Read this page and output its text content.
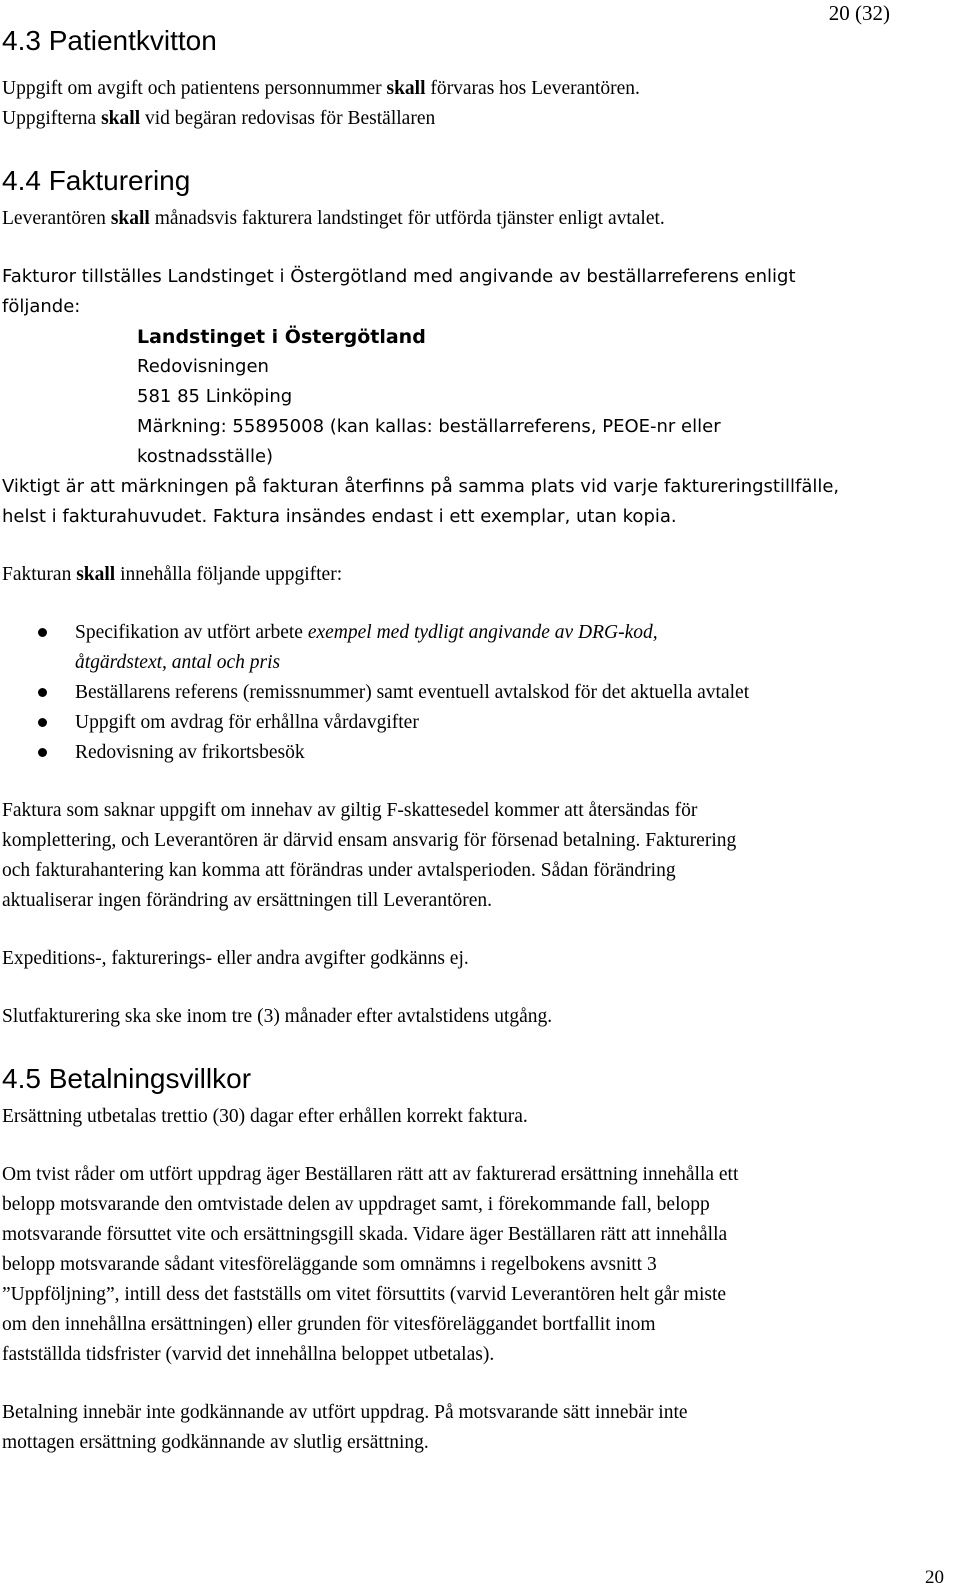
20 (32)
4.3 Patientkvitton

Uppgift om avgift och patientens personnummer skall förvaras hos Leverantören.

Uppgifterna skall vid begäran redovisas för Beställaren

4.4 Fakturering

Leverantören skall månadsvis fakturera landstinget för utförda tjänster enligt avtalet.

Fakturor tillställes Landstinget i Östergötland med angivande av beställarreferens enligt
följande:
Landstinget i Östergötland
Redovisningen
581 85 Linköping
Märkning: 55895008 (kan kallas: beställarreferens, PEOE-nr eller
kostnadsställe)
Viktigt är att märkningen på fakturan återfinns på samma plats vid varje faktureringstillfälle,
helst i fakturahuvudet. Faktura insändes endast i ett exemplar, utan kopia.

Fakturan skall innehålla följande uppgifter:

Specifikation av utfört arbete exempel med tydligt angivande av DRG-kod,
åtgärdstext, antal och pris
Beställarens referens (remissnummer) samt eventuell avtalskod för det aktuella avtalet
Uppgift om avdrag för erhållna vårdavgifter
Redovisning av frikortsbesök

Faktura som saknar uppgift om innehav av giltig F-skattesedel kommer att återsändas för

komplettering, och Leverantören är därvid ensam ansvarig för försenad betalning. Fakturering

och fakturahantering kan komma att förändras under avtalsperioden. Sådan förändring

aktualiserar ingen förändring av ersättningen till Leverantören.

Expeditions-, fakturerings- eller andra avgifter godkänns ej.

Slutfakturering ska ske inom tre (3) månader efter avtalstidens utgång.

4.5 Betalningsvillkor

Ersättning utbetalas trettio (30) dagar efter erhållen korrekt faktura.

Om tvist råder om utfört uppdrag äger Beställaren rätt att av fakturerad ersättning innehålla ett

belopp motsvarande den omtvistade delen av uppdraget samt, i förekommande fall, belopp

motsvarande försuttet vite och ersättningsgill skada. Vidare äger Beställaren rätt att innehålla

belopp motsvarande sådant vitesföreläggande som omnämns i regelbokens avsnitt 3

”Uppföljning”, intill dess det fastställs om vitet försuttits (varvid Leverantören helt går miste

om den innehållna ersättningen) eller grunden för vitesföreläggandet bortfallit inom

fastställda tidsfrister (varvid det innehållna beloppet utbetalas).

Betalning innebär inte godkännande av utfört uppdrag. På motsvarande sätt innebär inte

mottagen ersättning godkännande av slutlig ersättning.

20
